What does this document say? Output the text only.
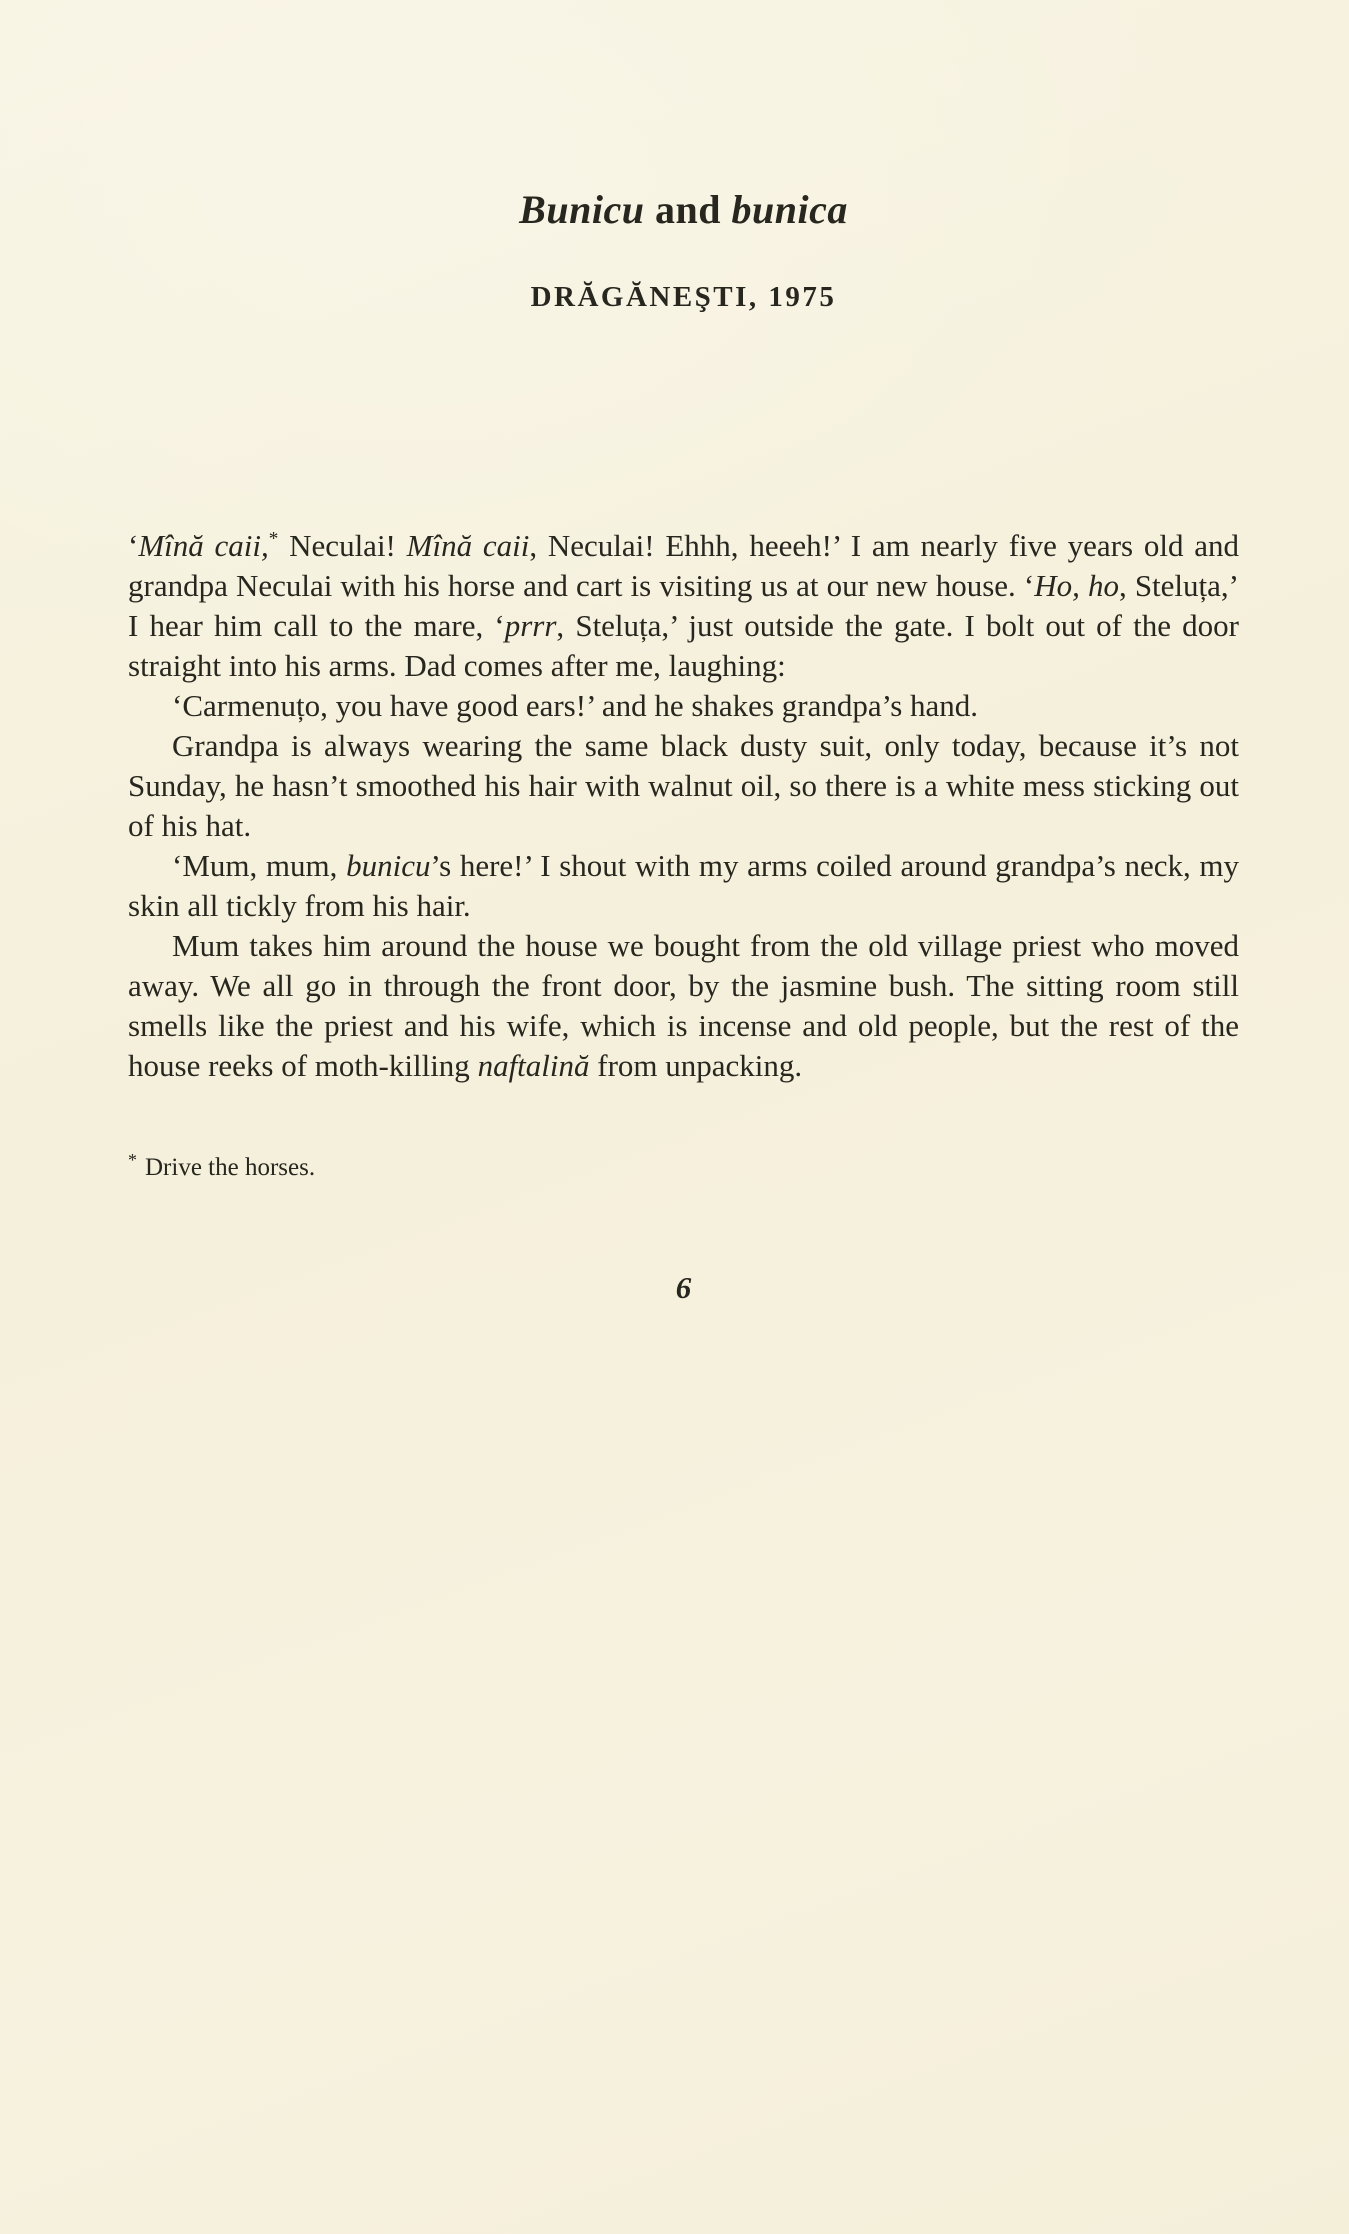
Bunicu and bunica
DRĂGĂNEŞTI, 1975

‘Mînă caii,* Neculai! Mînă caii, Neculai! Ehhh, heeeh!’ I am nearly five years old and grandpa Neculai with his horse and cart is visiting us at our new house. ‘Ho, ho, Steluța,’ I hear him call to the mare, ‘prrr, Steluța,’ just outside the gate. I bolt out of the door straight into his arms. Dad comes after me, laughing:

‘Carmenuțo, you have good ears!’ and he shakes grandpa’s hand.

Grandpa is always wearing the same black dusty suit, only today, because it’s not Sunday, he hasn’t smoothed his hair with walnut oil, so there is a white mess sticking out of his hat.

‘Mum, mum, bunicu’s here!’ I shout with my arms coiled around grandpa’s neck, my skin all tickly from his hair.

Mum takes him around the house we bought from the old village priest who moved away. We all go in through the front door, by the jasmine bush. The sitting room still smells like the priest and his wife, which is incense and old people, but the rest of the house reeks of moth-killing naftalină from unpacking.

* Drive the horses.
6
